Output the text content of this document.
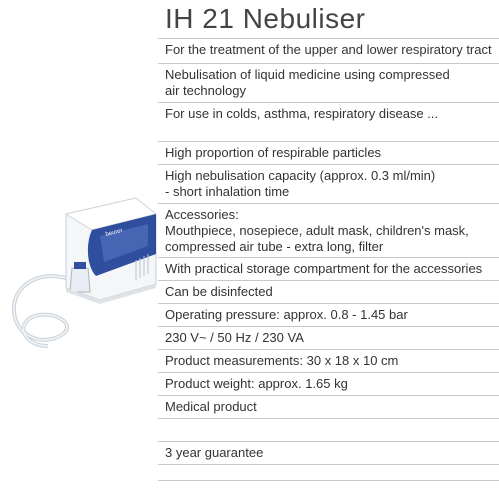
IH 21 Nebuliser
For the treatment of the upper and lower respiratory tract
Nebulisation of liquid medicine using compressed
air technology
For use in colds, asthma, respiratory disease ...
High proportion of respirable particles
High nebulisation capacity (approx. 0.3 ml/min)
- short inhalation time
Accessories:
Mouthpiece, nosepiece, adult mask, children's mask,
compressed air tube - extra long, filter
With practical storage compartment for the accessories
Can be disinfected
Operating pressure: approx. 0.8 - 1.45 bar
230 V~ / 50 Hz / 230 VA
Product measurements: 30 x 18 x 10 cm
Product weight: approx. 1.65 kg
Medical product
3 year guarantee
beurer
